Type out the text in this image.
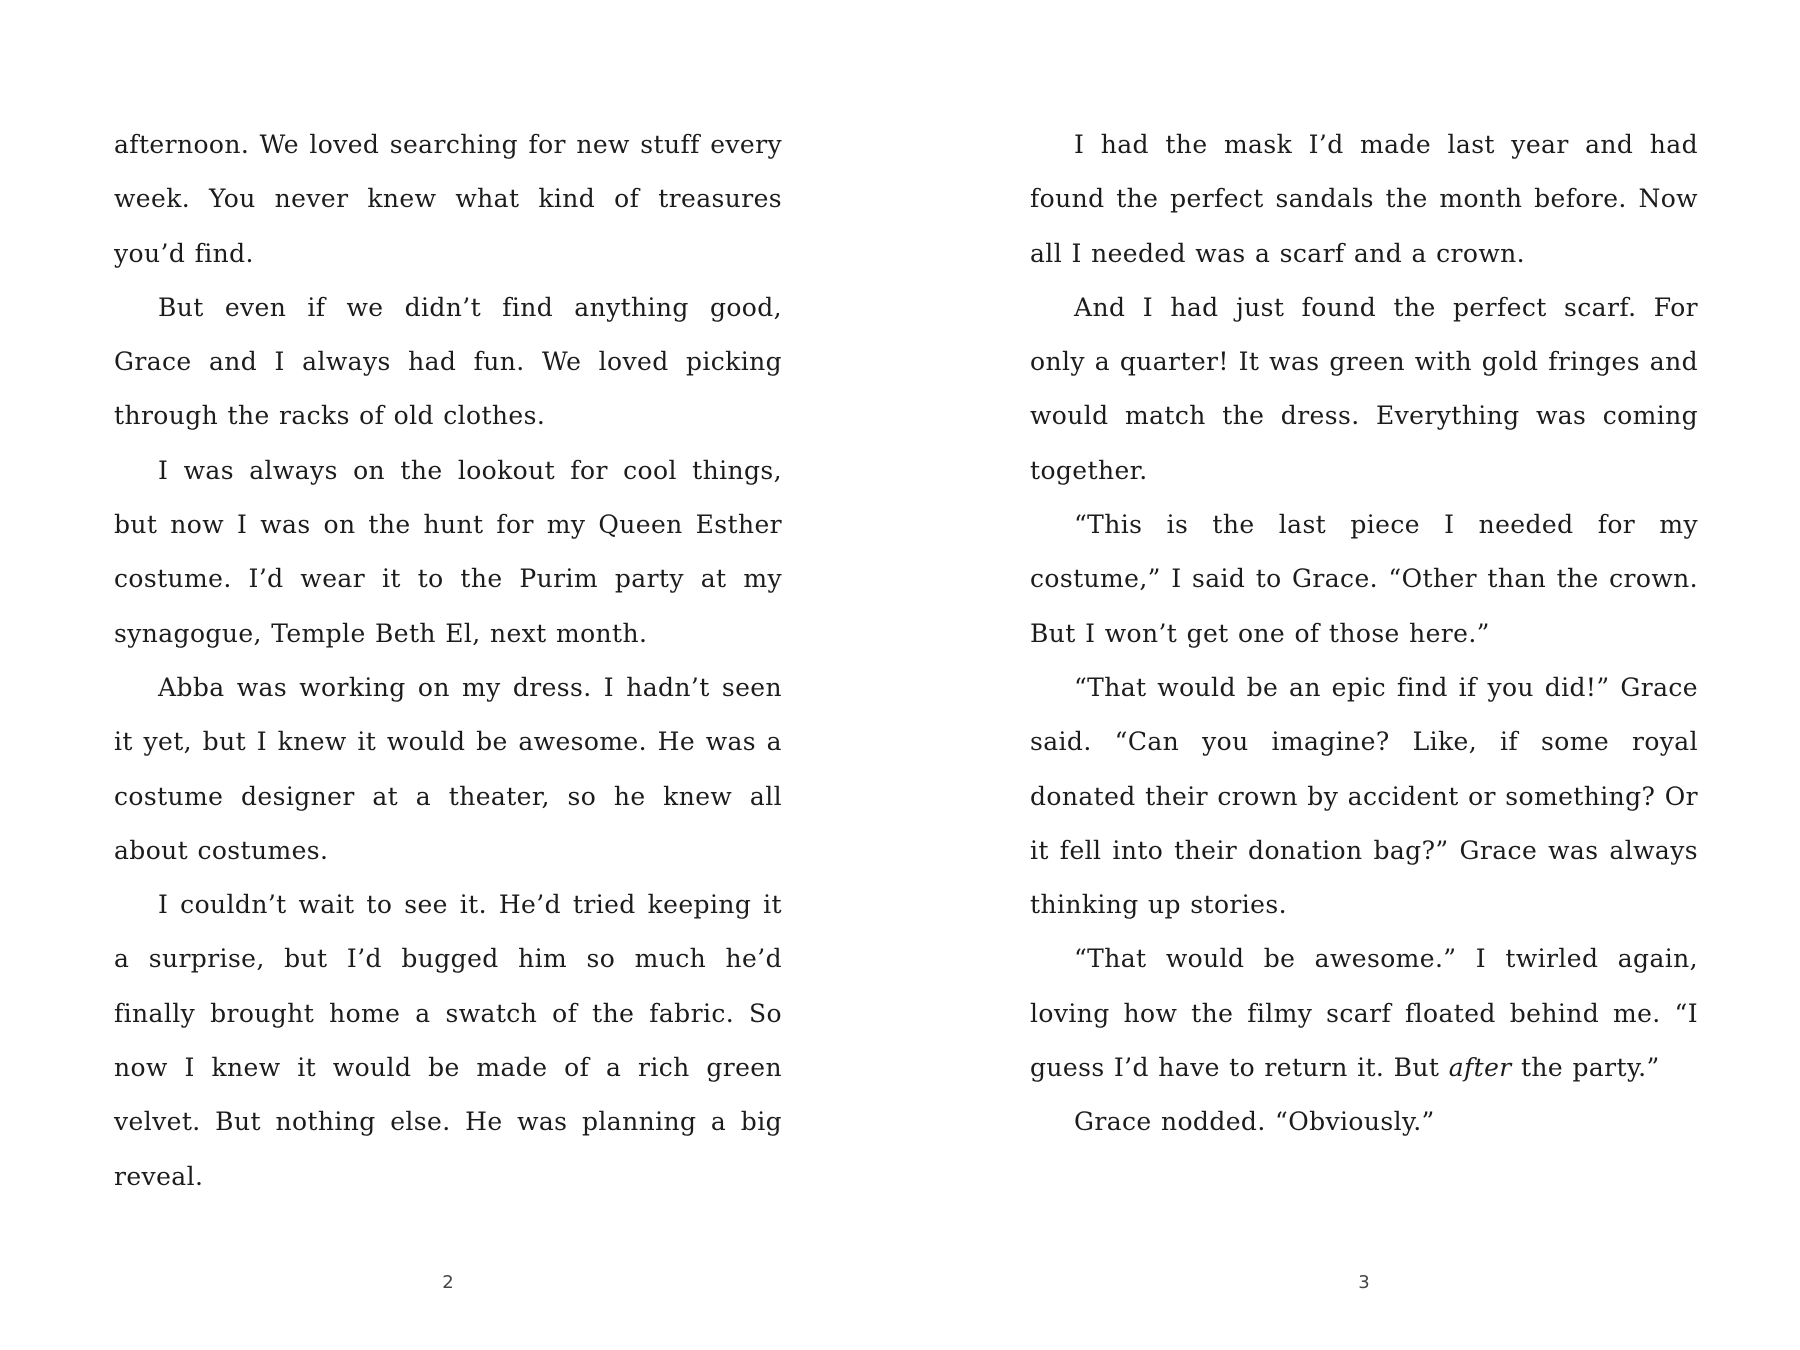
afternoon. We loved searching for new stuff every week. You never knew what kind of treasures you’d find.

But even if we didn’t find anything good, Grace and I always had fun. We loved picking through the racks of old clothes.

I was always on the lookout for cool things, but now I was on the hunt for my Queen Esther costume. I’d wear it to the Purim party at my synagogue, Temple Beth El, next month.

Abba was working on my dress. I hadn’t seen it yet, but I knew it would be awesome. He was a costume designer at a theater, so he knew all about costumes.

I couldn’t wait to see it. He’d tried keeping it a surprise, but I’d bugged him so much he’d finally brought home a swatch of the fabric. So now I knew it would be made of a rich green velvet. But nothing else. He was planning a big reveal.

I had the mask I’d made last year and had found the perfect sandals the month before. Now all I needed was a scarf and a crown.

And I had just found the perfect scarf. For only a quarter! It was green with gold fringes and would match the dress. Everything was coming together.

“This is the last piece I needed for my costume,” I said to Grace. “Other than the crown. But I won’t get one of those here.”

“That would be an epic find if you did!” Grace said. “Can you imagine? Like, if some royal donated their crown by accident or something? Or it fell into their donation bag?” Grace was always thinking up stories.

“That would be awesome.” I twirled again, loving how the filmy scarf floated behind me. “I guess I’d have to return it. But after the party.”

Grace nodded. “Obviously.”

2	3
